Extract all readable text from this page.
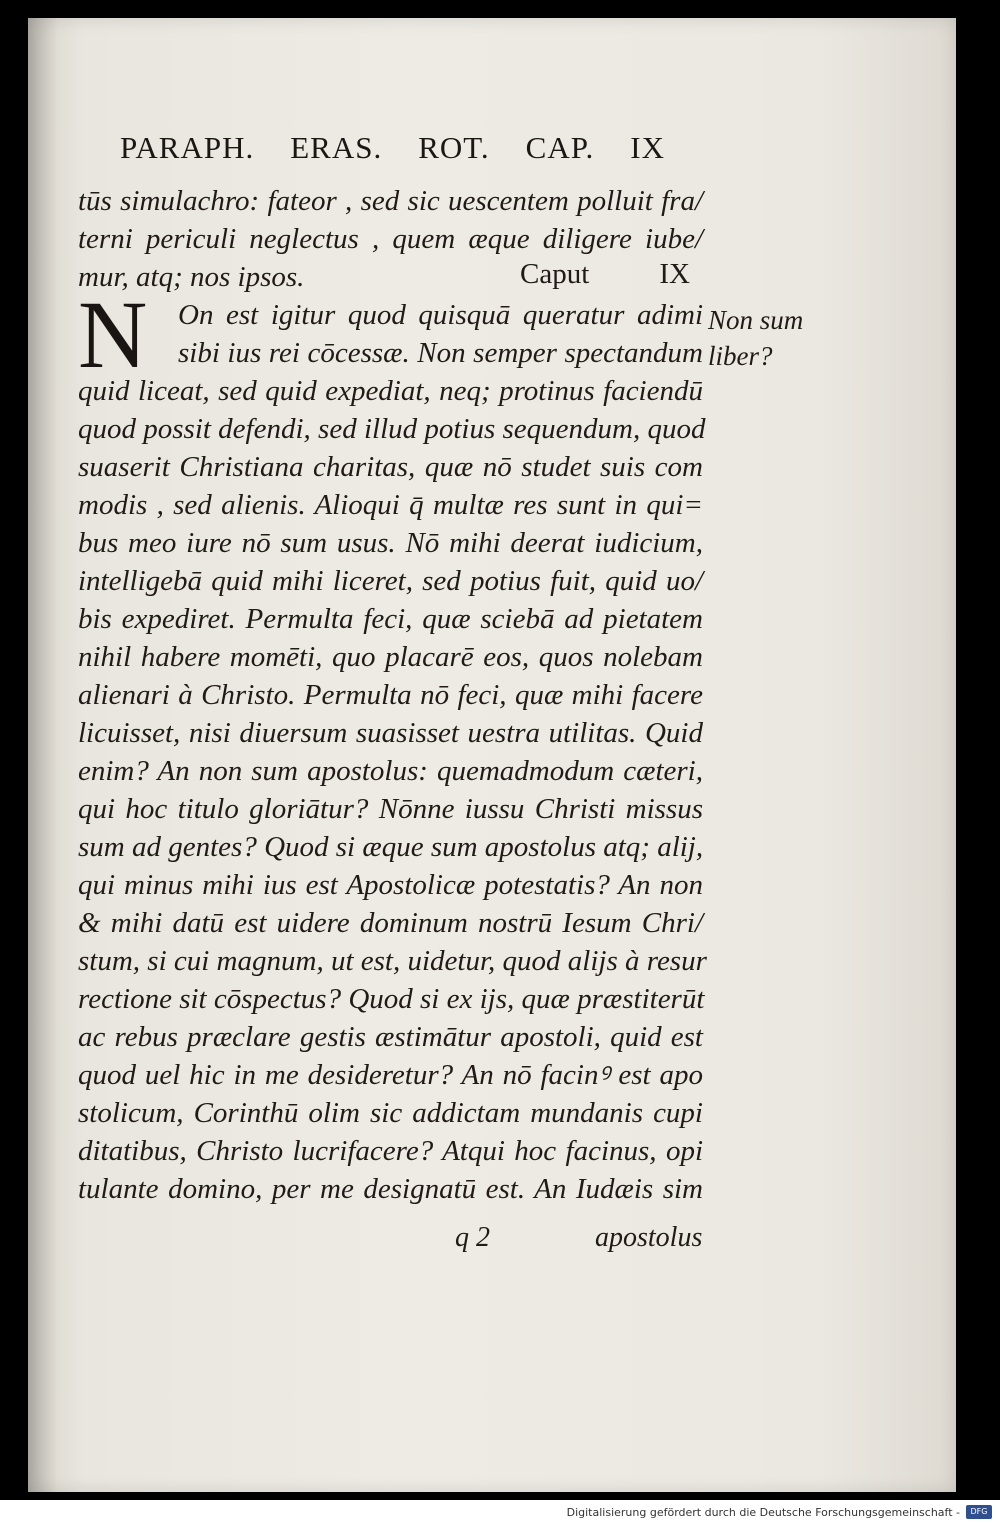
PARAPH. ERAS. ROT. CAP. IX
tūs simulachro: fateor , sed sic uescentem polluit fra/
terni periculi neglectus , quem æque diligere iube/
mur, atq; nos ipsos.	Caput IX
N	Non sum
liber?
On est igitur quod quisquā queratur adimi
sibi ius rei cōcessæ. Non semper spectandum
quid liceat, sed quid expediat, neq; protinus faciendū
quod possit defendi, sed illud potius sequendum, quod
suaserit Christiana charitas, quæ nō studet suis com
modis , sed alienis. Alioqui q̄ multæ res sunt in qui=
bus meo iure nō sum usus. Nō mihi deerat iudicium,
intelligebā quid mihi liceret, sed potius fuit, quid uo/
bis expediret. Permulta feci, quæ sciebā ad pietatem
nihil habere momēti, quo placarē eos, quos nolebam
alienari à Christo. Permulta nō feci, quæ mihi facere
licuisset, nisi diuersum suasisset uestra utilitas. Quid
enim? An non sum apostolus: quemadmodum cæteri,
qui hoc titulo gloriātur? Nōnne iussu Christi missus
sum ad gentes? Quod si æque sum apostolus atq; alij,
qui minus mihi ius est Apostolicæ potestatis? An non
& mihi datū est uidere dominum nostrū Iesum Chri/
stum, si cui magnum, ut est, uidetur, quod alijs à resur
rectione sit cōspectus? Quod si ex ijs, quæ præstiterūt
ac rebus præclare gestis æstimātur apostoli, quid est
quod uel hic in me desideretur? An nō facinꝰ est apo
stolicum, Corinthū olim sic addictam mundanis cupi
ditatibus, Christo lucrifacere? Atqui hoc facinus, opi
tulante domino, per me designatū est. An Iudæis sim
q 2	apostolus
Digitalisierung gefördert durch die Deutsche Forschungsgemeinschaft -	DFG
